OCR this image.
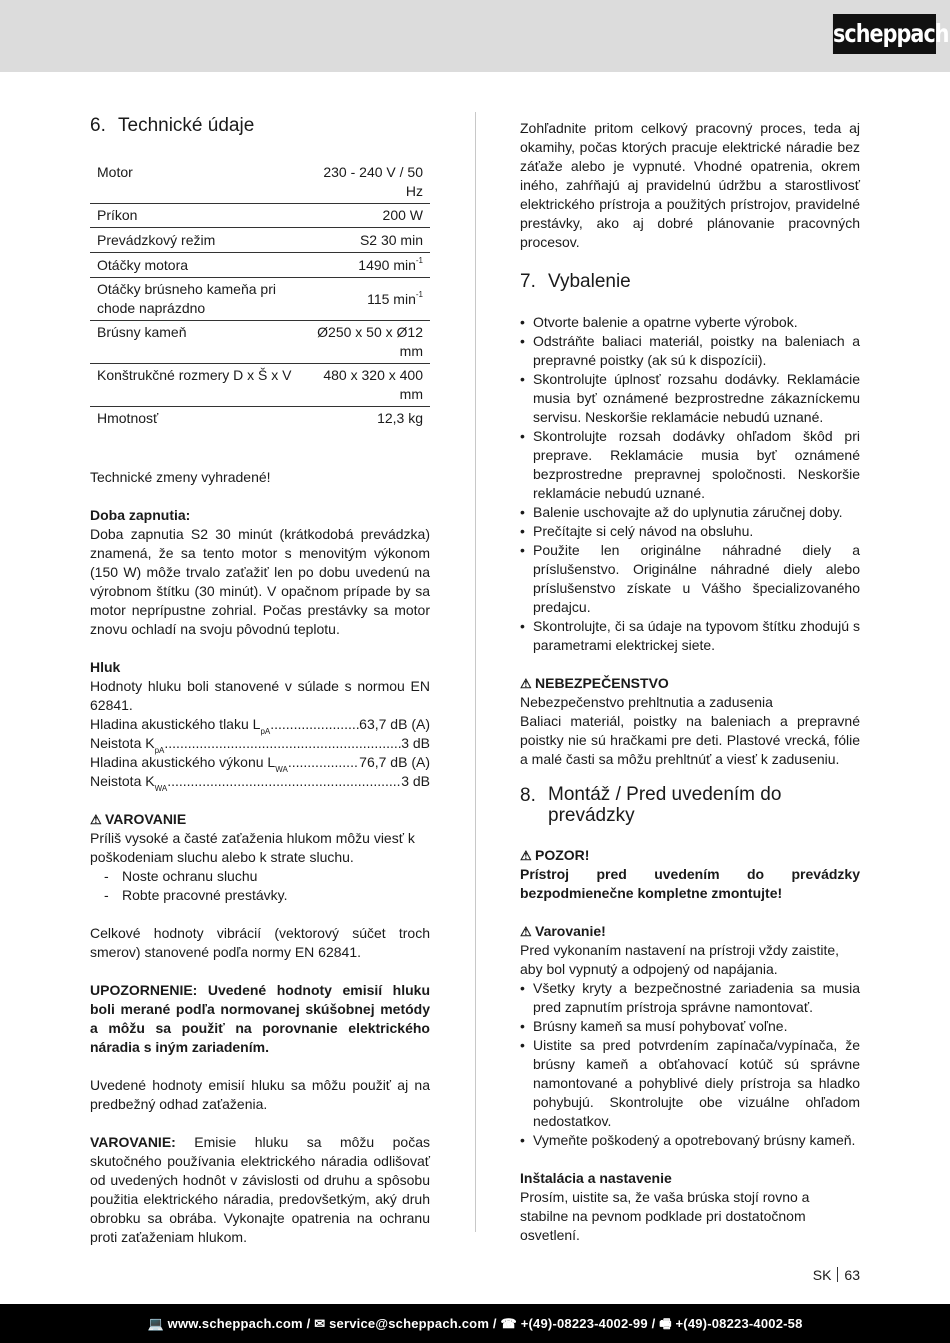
scheppach
6. Technické údaje
Motor	230 - 240 V / 50 Hz
Príkon	200 W
Prevádzkový režim	S2 30 min
Otáčky motora	1490 $\min^{-1}$
Otáčky brúsneho kameňa pri chode naprázdno	115 $\min^{-1}$
Brúsny kameň	Ø250 x 50 x Ø12 mm
Konštrukčné rozmery D x Š x V	480 x 320 x 400 mm
Hmotnosť	12,3 kg

Technické zmeny vyhradené!

Doba zapnutia:

Doba zapnutia S2 30 minút (krátkodobá prevádzka) znamená, že sa tento motor s menovitým výkonom (150 W) môže trvalo zaťažiť len po dobu uvedenú na výrobnom štítku (30 minút). V opačnom prípade by sa motor neprípustne zohrial. Počas prestávky sa motor znovu ochladí na svoju pôvodnú teplotu.

Hluk

Hodnoty hluku boli stanovené v súlade s normou EN 62841.

Hladina akustického tlaku $L_{pA}$ .....	63,7 dB (A)
Neistota $K_{pA}$ .....	3 dB
Hladina akustického výkonu $L_{WA}$ .....	76,7 dB (A)
Neistota $K_{WA}$ .....	3 dB

⚠ VAROVANIE

Príliš vysoké a časté zaťaženia hlukom môžu viesť k poškodeniam sluchu alebo k strate sluchu.

- Noste ochranu sluchu
- Robte pracovné prestávky.

Celkové hodnoty vibrácií (vektorový súčet troch smerov) stanovené podľa normy EN 62841.

UPOZORNENIE: Uvedené hodnoty emisií hluku boli merané podľa normovanej skúšobnej metódy a môžu sa použiť na porovnanie elektrického náradia s iným zariadením.

Uvedené hodnoty emisií hluku sa môžu použiť aj na predbežný odhad zaťaženia.

VAROVANIE: Emisie hluku sa môžu počas skutočného používania elektrického náradia odlišovať od uvedených hodnôt v závislosti od druhu a spôsobu použitia elektrického náradia, predovšetkým, aký druh obrobku sa obrába. Vykonajte opatrenia na ochranu proti zaťaženiam hlukom.

Zohľadnite pritom celkový pracovný proces, teda aj okamihy, počas ktorých pracuje elektrické náradie bez záťaže alebo je vypnuté. Vhodné opatrenia, okrem iného, zahŕňajú aj pravidelnú údržbu a starostlivosť elektrického prístroja a použitých prístrojov, pravidelné prestávky, ako aj dobré plánovanie pracovných procesov.

7. Vybalenie
• Otvorte balenie a opatrne vyberte výrobok.
• Odstráňte baliaci materiál, poistky na baleniach a prepravné poistky (ak sú k dispozícii).
• Skontrolujte úplnosť rozsahu dodávky. Reklamácie musia byť oznámené bezprostredne zákazníckemu servisu. Neskoršie reklamácie nebudú uznané.
• Skontrolujte rozsah dodávky ohľadom škôd pri preprave. Reklamácie musia byť oznámené bezprostredne prepravnej spoločnosti. Neskoršie reklamácie nebudú uznané.
• Balenie uschovajte až do uplynutia záručnej doby.
• Prečítajte si celý návod na obsluhu.
• Použite len originálne náhradné diely a príslušenstvo. Originálne náhradné diely alebo príslušenstvo získate u Vášho špecializovaného predajcu.
• Skontrolujte, či sa údaje na typovom štítku zhodujú s parametrami elektrickej siete.

⚠ NEBEZPEČENSTVO

Nebezpečenstvo prehltnutia a zadusenia

Baliaci materiál, poistky na baleniach a prepravné poistky nie sú hračkami pre deti. Plastové vrecká, fólie a malé časti sa môžu prehltnúť a viesť k zaduseniu.

8. Montáž / Pred uvedením do prevádzky

⚠ POZOR!

Prístroj pred uvedením do prevádzky bezpodmienečne kompletne zmontujte!

⚠ Varovanie!

Pred vykonaním nastavení na prístroji vždy zaistite, aby bol vypnutý a odpojený od napájania.

• Všetky kryty a bezpečnostné zariadenia sa musia pred zapnutím prístroja správne namontovať.
• Brúsny kameň sa musí pohybovať voľne.
• Uistite sa pred potvrdením zapínača/vypínača, že brúsny kameň a obťahovací kotúč sú správne namontované a pohyblivé diely prístroja sa hladko pohybujú. Skontrolujte obe vizuálne ohľadom nedostatkov.
• Vymeňte poškodený a opotrebovaný brúsny kameň.

Inštalácia a nastavenie

Prosím, uistite sa, že vaša brúska stojí rovno a stabilne na pevnom podklade pri dostatočnom osvetlení.

SK 63
💻 www.scheppach.com / ✉ service@scheppach.com / ☎ +(49)-08223-4002-99 / 🖷 +(49)-08223-4002-58
